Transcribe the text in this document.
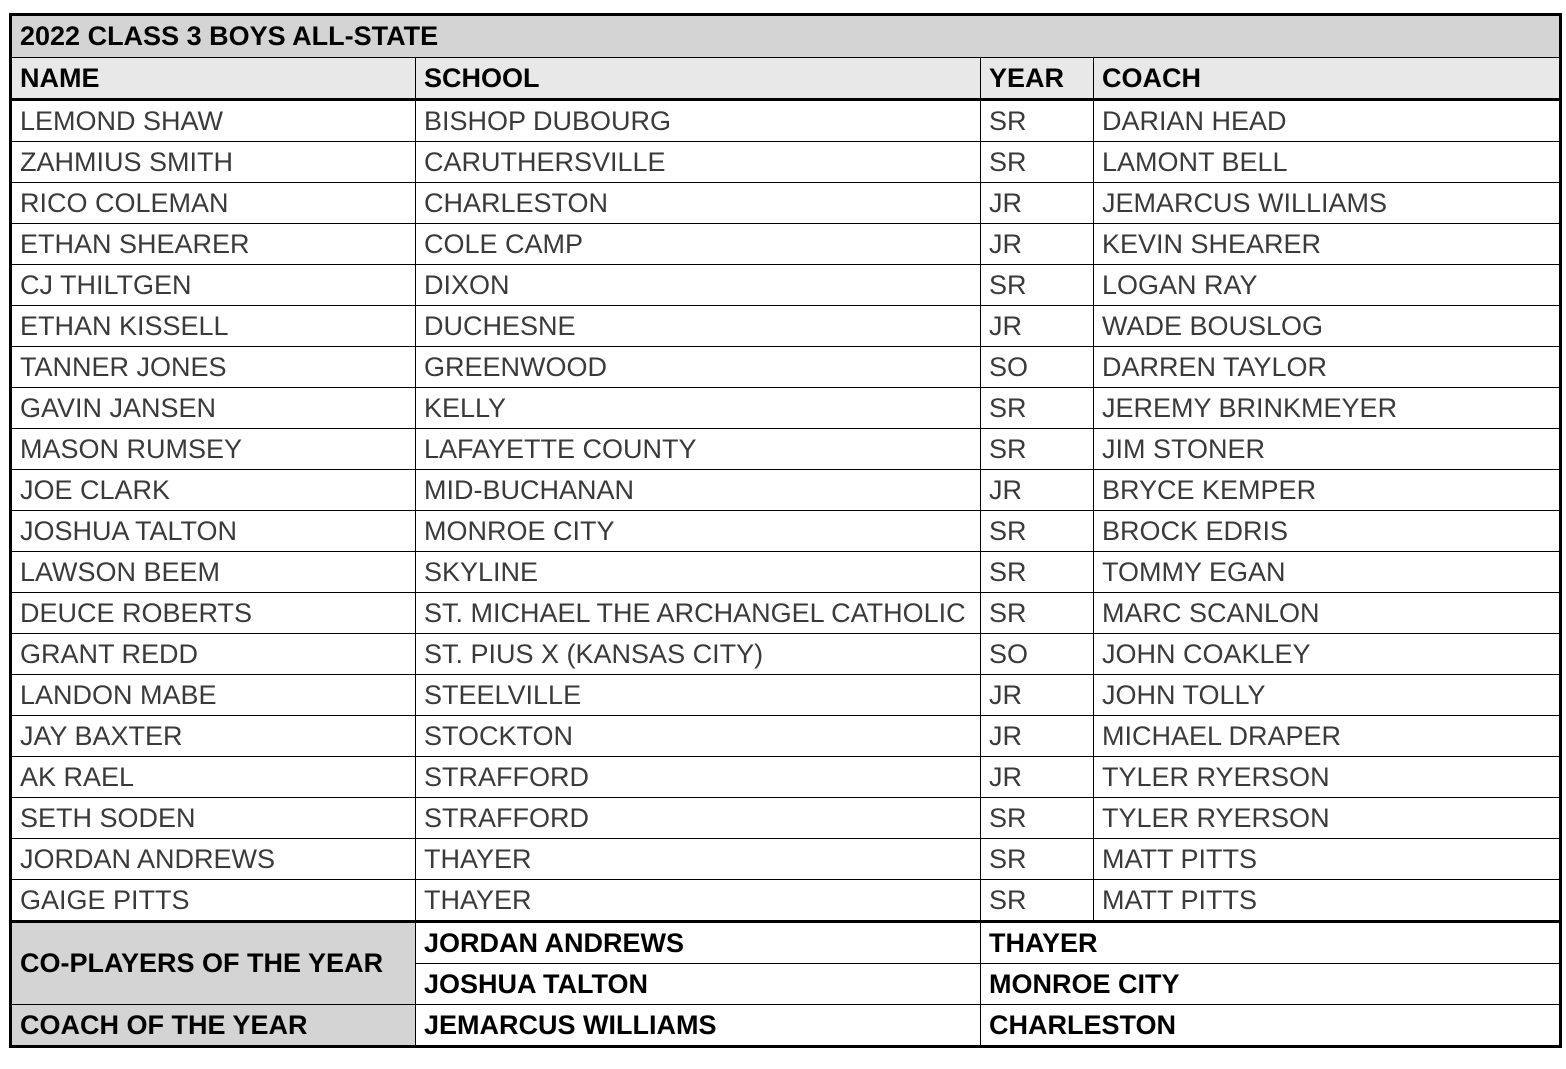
2022 CLASS 3 BOYS ALL-STATE			
NAME	SCHOOL	YEAR	COACH
LEMOND SHAW	BISHOP DUBOURG	SR	DARIAN HEAD
ZAHMIUS SMITH	CARUTHERSVILLE	SR	LAMONT BELL
RICO COLEMAN	CHARLESTON	JR	JEMARCUS WILLIAMS
ETHAN SHEARER	COLE CAMP	JR	KEVIN SHEARER
CJ THILTGEN	DIXON	SR	LOGAN RAY
ETHAN KISSELL	DUCHESNE	JR	WADE BOUSLOG
TANNER JONES	GREENWOOD	SO	DARREN TAYLOR
GAVIN JANSEN	KELLY	SR	JEREMY BRINKMEYER
MASON RUMSEY	LAFAYETTE COUNTY	SR	JIM STONER
JOE CLARK	MID-BUCHANAN	JR	BRYCE KEMPER
JOSHUA TALTON	MONROE CITY	SR	BROCK EDRIS
LAWSON BEEM	SKYLINE	SR	TOMMY EGAN
DEUCE ROBERTS	ST. MICHAEL THE ARCHANGEL CATHOLIC	SR	MARC SCANLON
GRANT REDD	ST. PIUS X (KANSAS CITY)	SO	JOHN COAKLEY
LANDON MABE	STEELVILLE	JR	JOHN TOLLY
JAY BAXTER	STOCKTON	JR	MICHAEL DRAPER
AK RAEL	STRAFFORD	JR	TYLER RYERSON
SETH SODEN	STRAFFORD	SR	TYLER RYERSON
JORDAN ANDREWS	THAYER	SR	MATT PITTS
GAIGE PITTS	THAYER	SR	MATT PITTS
CO-PLAYERS OF THE YEAR	JORDAN ANDREWS	THAYER	
	JOSHUA TALTON	MONROE CITY	
COACH OF THE YEAR	JEMARCUS WILLIAMS	CHARLESTON	
